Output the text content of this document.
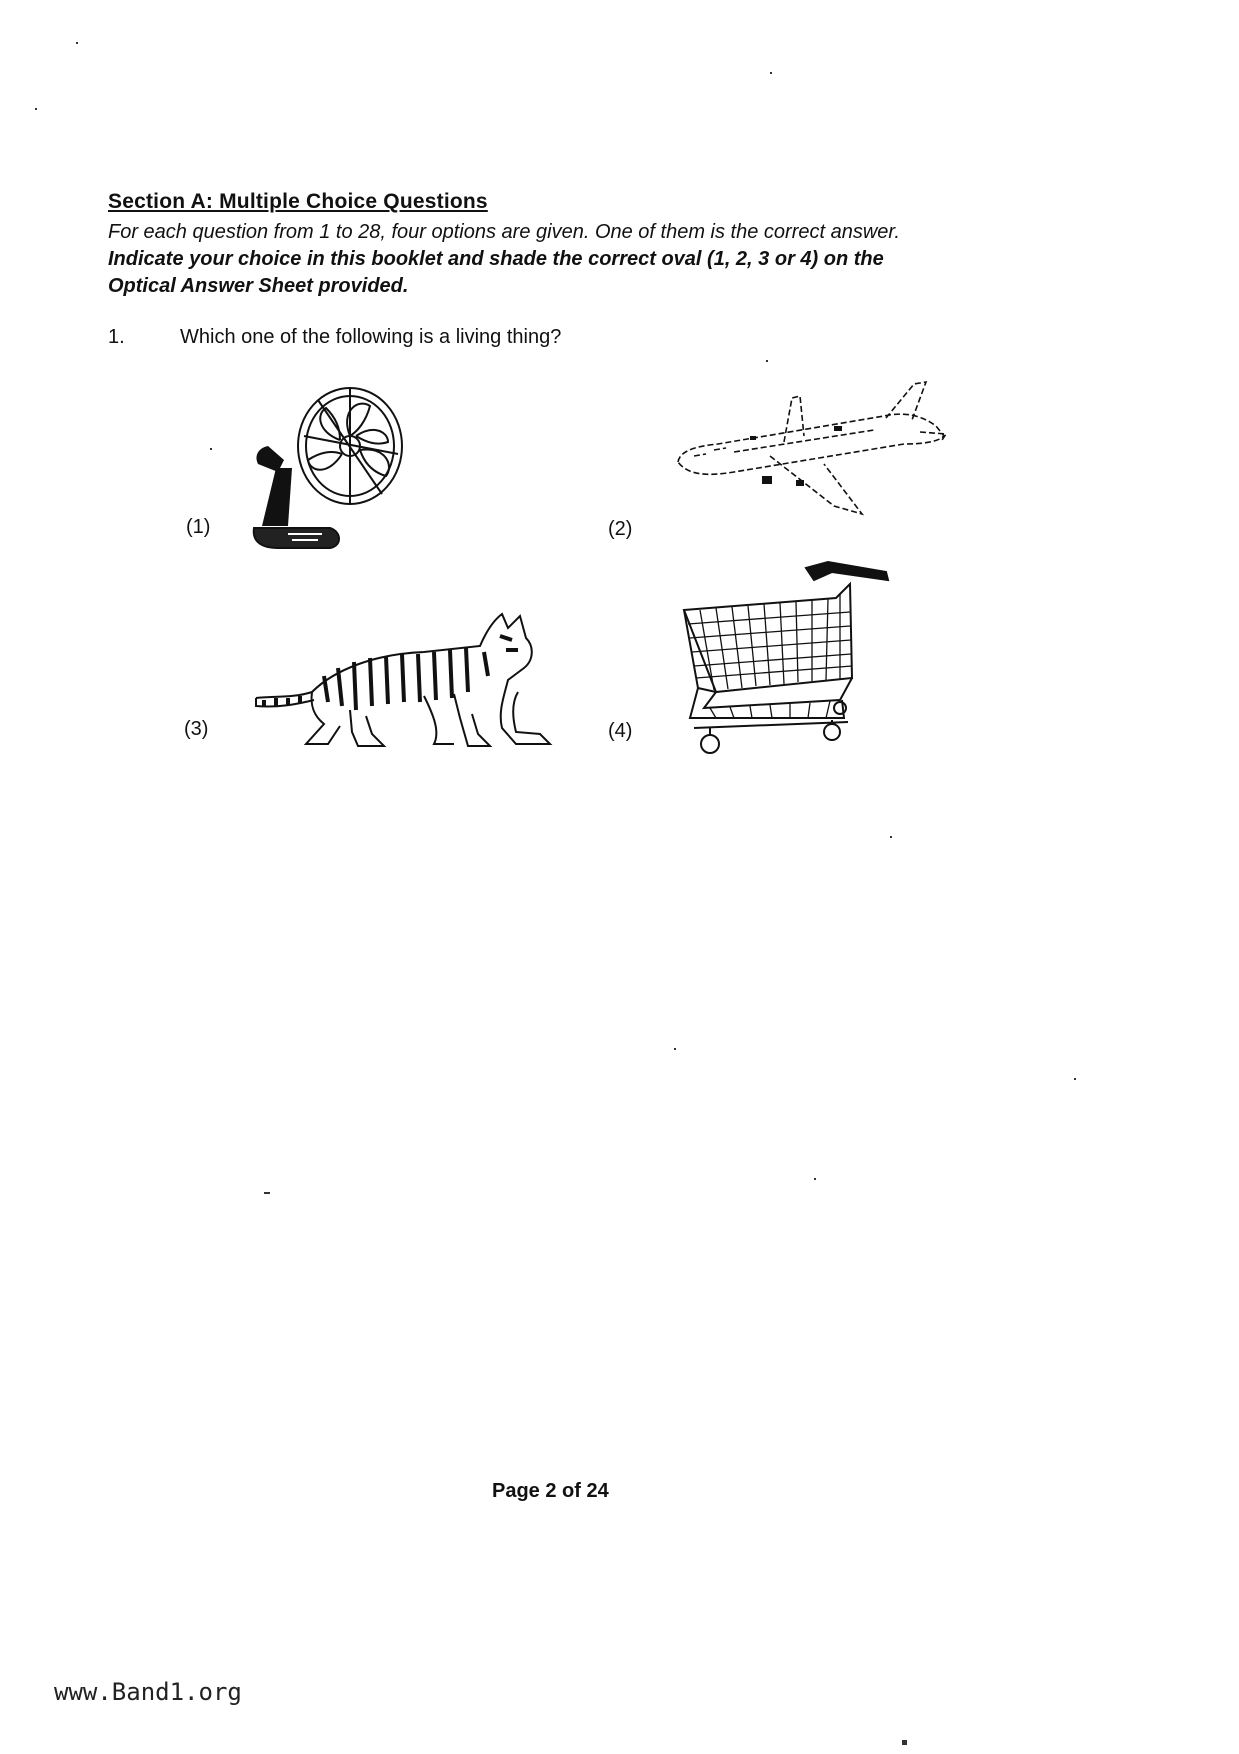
Section A: Multiple Choice Questions
For each question from 1 to 28, four options are given. One of them is the correct answer.
Indicate your choice in this booklet and shade the correct oval (1, 2, 3 or 4) on the
Optical Answer Sheet provided.
1.	Which one of the following is a living thing?
(1)	(2)
(3)	(4)
Page 2 of 24
www.Band1.org
